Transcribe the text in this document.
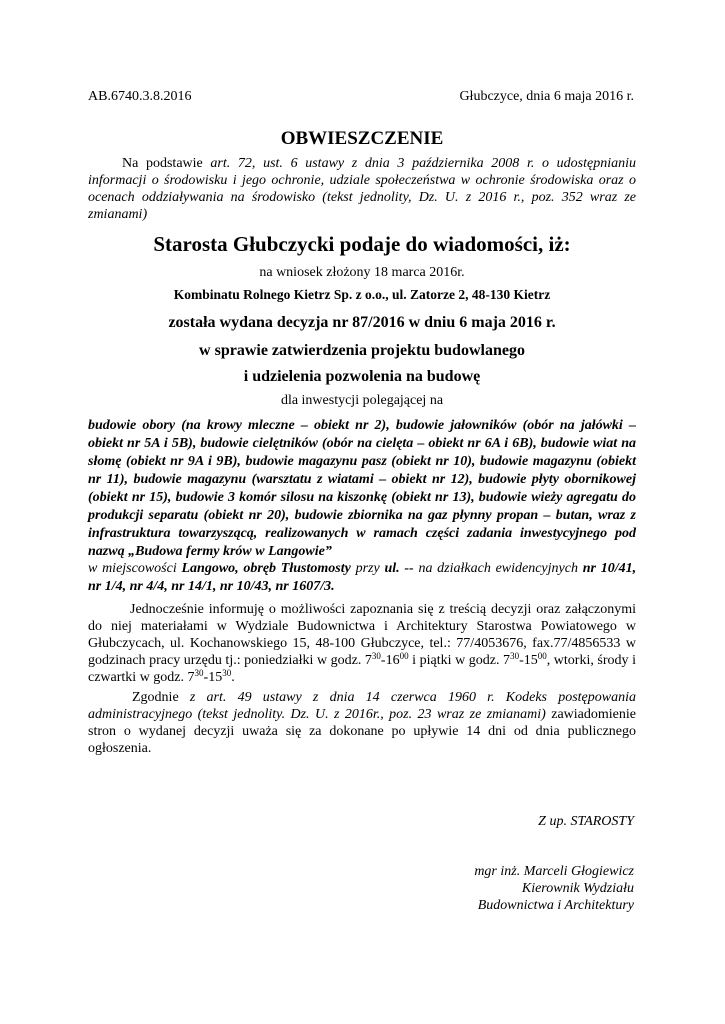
AB.6740.3.8.2016	Głubczyce, dnia 6 maja 2016 r.
OBWIESZCZENIE
Na podstawie art. 72, ust. 6 ustawy z dnia 3 października 2008 r. o udostępnianiu informacji o środowisku i jego ochronie, udziale społeczeństwa w ochronie środowiska oraz o ocenach oddziaływania na środowisko (tekst jednolity, Dz. U. z 2016 r., poz. 352 wraz ze zmianami)
Starosta Głubczycki podaje do wiadomości, iż:
na wniosek złożony 18 marca 2016r.
Kombinatu Rolnego Kietrz Sp. z o.o., ul. Zatorze 2, 48-130 Kietrz
została wydana decyzja nr 87/2016 w dniu 6 maja 2016 r.
w sprawie zatwierdzenia projektu budowlanego
i udzielenia pozwolenia na budowę
dla inwestycji polegającej na
budowie obory (na krowy mleczne – obiekt nr 2), budowie jałowników (obór na jałówki – obiekt nr 5A i 5B), budowie cielętników (obór na cielęta – obiekt nr 6A i 6B), budowie wiat na słomę (obiekt nr 9A i 9B), budowie magazynu pasz (obiekt nr 10), budowie magazynu (obiekt nr 11), budowie magazynu (warsztatu z wiatami – obiekt nr 12), budowie płyty obornikowej (obiekt nr 15), budowie 3 komór silosu na kiszonkę (obiekt nr 13), budowie wieży agregatu do produkcji separatu (obiekt nr 20), budowie zbiornika na gaz płynny propan – butan, wraz z infrastruktura towarzyszącą, realizowanych w ramach części zadania inwestycyjnego pod nazwą „Budowa fermy krów w Langowie”
w miejscowości Langowo, obręb Tłustomosty przy ul. -- na działkach ewidencyjnych nr 10/41, nr 1/4, nr 4/4, nr 14/1, nr 10/43, nr 1607/3.
Jednocześnie informuję o możliwości zapoznania się z treścią decyzji oraz załączonymi do niej materiałami w Wydziale Budownictwa i Architektury Starostwa Powiatowego w Głubczycach, ul. Kochanowskiego 15, 48-100 Głubczyce, tel.: 77/4053676, fax.77/4856533 w godzinach pracy urzędu tj.: poniedziałki w godz. $7^{30}-16^{00}$ i piątki w godz. $7^{30}-15^{00}$, wtorki, środy i czwartki w godz. $7^{30}-15^{30}$.
Zgodnie z art. 49 ustawy z dnia 14 czerwca 1960 r. Kodeks postępowania administracyjnego (tekst jednolity. Dz. U. z 2016r., poz. 23 wraz ze zmianami) zawiadomienie stron o wydanej decyzji uważa się za dokonane po upływie 14 dni od dnia publicznego ogłoszenia.
Z up. STAROSTY
mgr inż. Marceli Głogiewicz
Kierownik Wydziału
Budownictwa i Architektury
